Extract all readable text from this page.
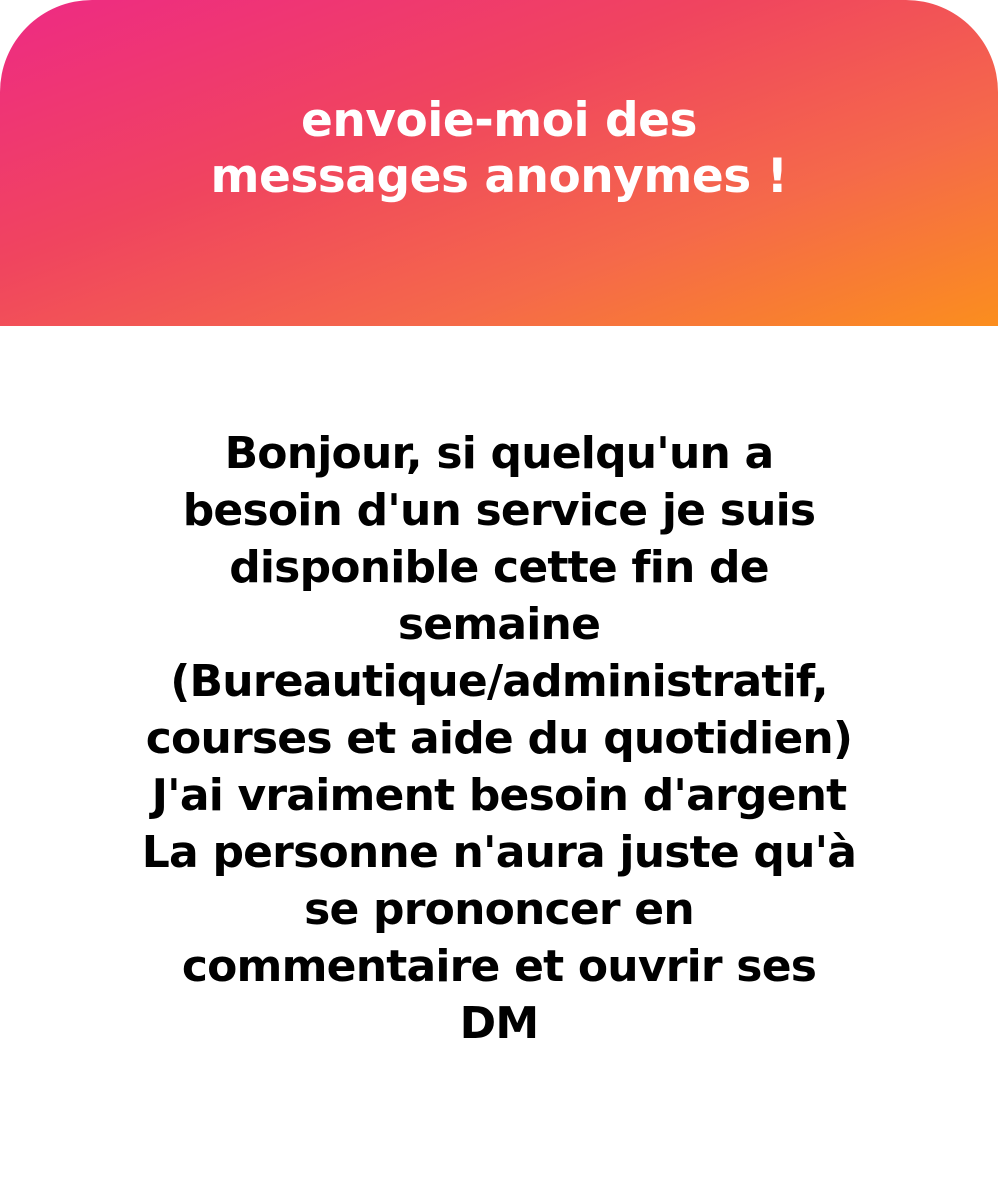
envoie-moi des
messages anonymes !
Bonjour, si quelqu'un a
besoin d'un service je suis
disponible cette fin de
semaine
(Bureautique/administratif,
courses et aide du quotidien)
J'ai vraiment besoin d'argent
La personne n'aura juste qu'à
se prononcer en
commentaire et ouvrir ses
DM
